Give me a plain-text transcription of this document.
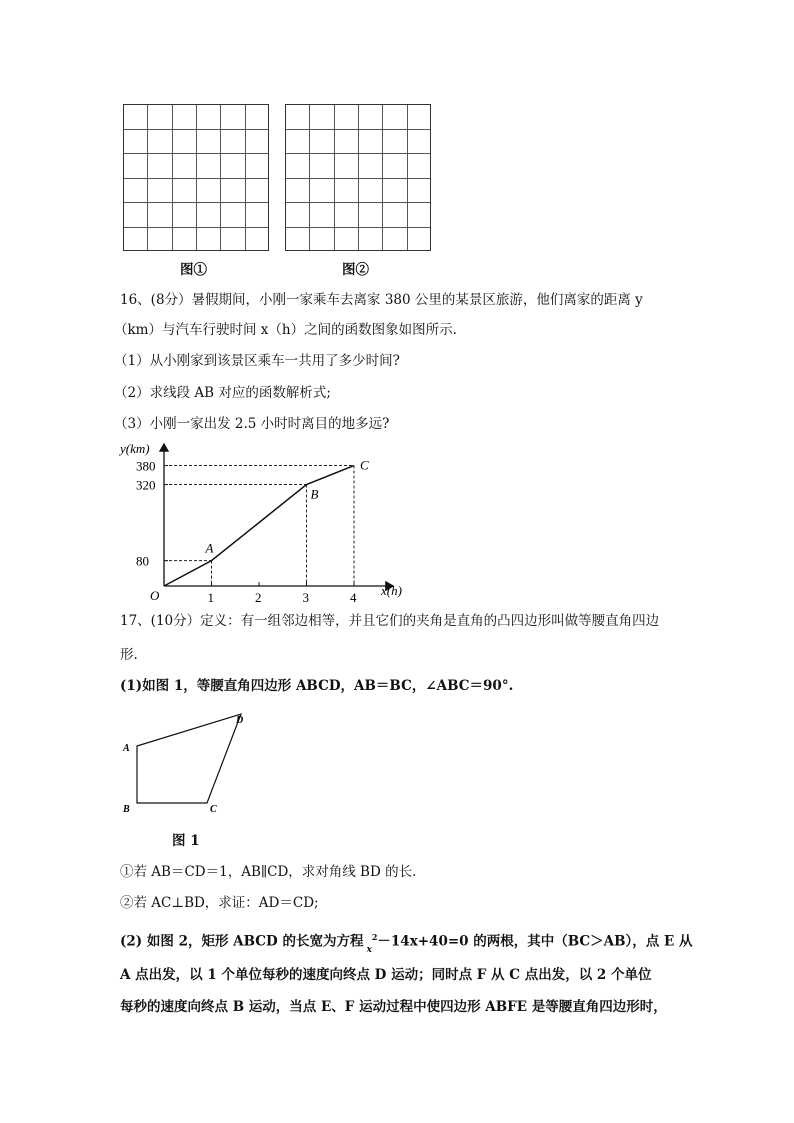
图①	图②
16、(8分）暑假期间，小刚一家乘车去离家 380 公里的某景区旅游，他们离家的距离 y
（km）与汽车行驶时间 x（h）之间的函数图象如图所示.
（1）从小刚家到该景区乘车一共用了多少时间?
（2）求线段 AB 对应的函数解析式;
（3）小刚一家出发 2.5 小时时离目的地多远?
x(h)
y(km)
O	1	2	3	4
80
320
380
A
B
C
17、(10分）定义：有一组邻边相等，并且它们的夹角是直角的凸四边形叫做等腰直角四边
形.
(1)如图 1，等腰直角四边形 ABCD，AB＝BC，∠ABC＝90°.
A
B	C
D
图 1
①若 AB＝CD＝1，AB∥CD，求对角线 BD 的长.
②若 AC⊥BD，求证：AD＝CD;
(2) 如图 2，矩形 ABCD 的长宽为方程 $_x^2$－14x+40=0 的两根，其中（BC＞AB），点 E 从
A 点出发，以 1 个单位每秒的速度向终点 D 运动；同时点 F 从 C 点出发，以 2 个单位
每秒的速度向终点 B 运动，当点 E、F 运动过程中使四边形 ABFE 是等腰直角四边形时，
